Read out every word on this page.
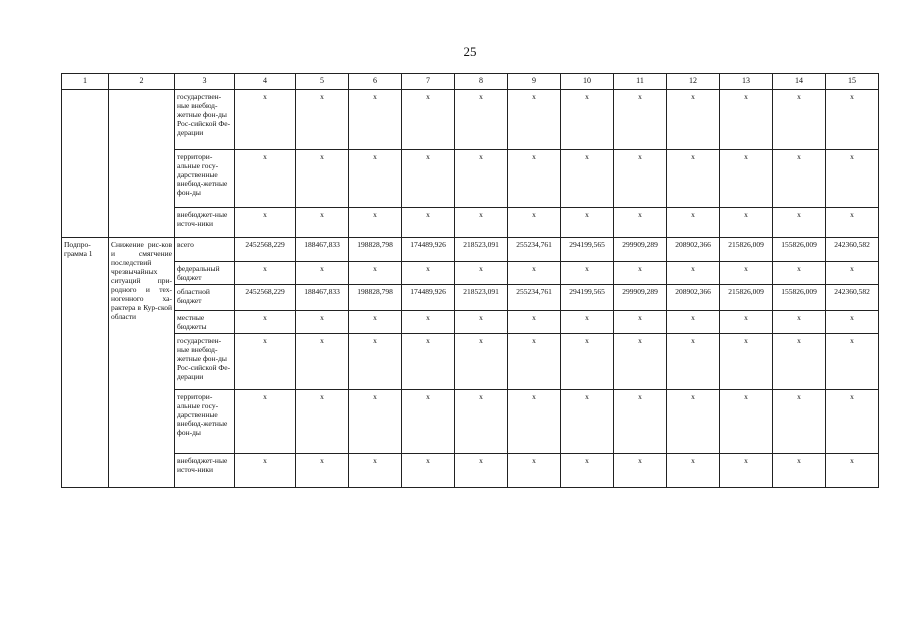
25
1	2	3	4	5	6	7	8	9	10	11	12	13	14	15
		государствен-ные внебюд-жетные фон-ды Рос-сийской Фе-дерации	x	x	x	x	x	x	x	x	x	x	x	x
		территори-альные госу-дарственные внебюд-жетные фон-ды	x	x	x	x	x	x	x	x	x	x	x	x
		внебюджет-ные источ-ники	x	x	x	x	x	x	x	x	x	x	x	x
Подпро-грамма 1	Снижение рис-ков и смягчение последствий чрезвычайных ситуаций при-родного и тех-ногенного ха-рактера в Кур-ской области	всего	2452568,229	188467,833	198828,798	174489,926	218523,091	255234,761	294199,565	299909,289	208902,366	215826,009	155826,009	242360,582
		федеральный бюджет	x	x	x	x	x	x	x	x	x	x	x	x
		областной бюджет	2452568,229	188467,833	198828,798	174489,926	218523,091	255234,761	294199,565	299909,289	208902,366	215826,009	155826,009	242360,582
		местные бюджеты	x	x	x	x	x	x	x	x	x	x	x	x
		государствен-ные внебюд-жетные фон-ды Рос-сийской Фе-дерации	x	x	x	x	x	x	x	x	x	x	x	x
		территори-альные госу-дарственные внебюд-жетные фон-ды	x	x	x	x	x	x	x	x	x	x	x	x
		внебюджет-ные источ-ники	x	x	x	x	x	x	x	x	x	x	x	x
